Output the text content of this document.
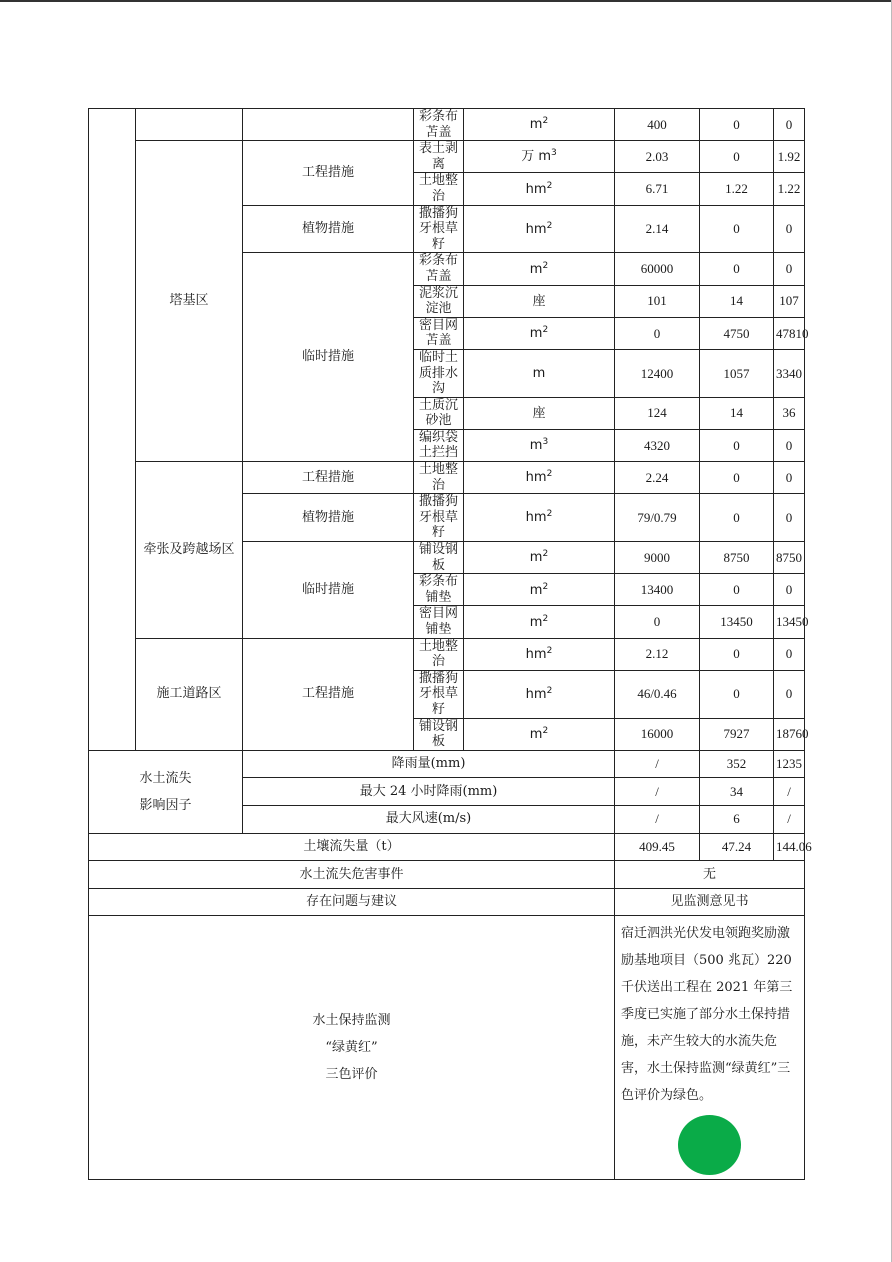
			彩条布苫盖	$m^2$	400	0	0
	塔基区	工程措施	表土剥离	万 $m^3$	2.03	0	1.92
			土地整治	$hm^2$	6.71	1.22	1.22
		植物措施	撒播狗牙根草籽	$hm^2$	2.14	0	0
		临时措施	彩条布苫盖	$m^2$	60000	0	0
			泥浆沉淀池	座	101	14	107
			密目网苫盖	$m^2$	0	4750	47810
			临时土质排水沟	m	12400	1057	3340
			土质沉砂池	座	124	14	36
			编织袋土拦挡	$m^3$	4320	0	0
	牵张及跨越场区	工程措施	土地整治	$hm^2$	2.24	0	0
		植物措施	撒播狗牙根草籽	$hm^2$	79/0.79	0	0
		临时措施	铺设钢板	$m^2$	9000	8750	8750
			彩条布铺垫	$m^2$	13400	0	0
			密目网铺垫	$m^2$	0	13450	13450
	施工道路区	工程措施	土地整治	$hm^2$	2.12	0	0
			撒播狗牙根草籽	$hm^2$	46/0.46	0	0
			铺设钢板	$m^2$	16000	7927	18760

水土流失
影响因子		降雨量(mm)			/	352	1235
		最大 24 小时降雨(mm)			/	34	/
		最大风速(m/s)			/	6	/
土壤流失量（t）					409.45	47.24	144.06
水土流失危害事件					无		
存在问题与建议					见监测意见书		

水土保持监测
“绿黄红”
三色评价					宿迁泗洪光伏发电领跑奖励激励基地项目（500 兆瓦）220 千伏送出工程在 2021 年第三季度已实施了部分水土保持措施，未产生较大的水流失危害，水土保持监测“绿黄红”三色评价为绿色。		
